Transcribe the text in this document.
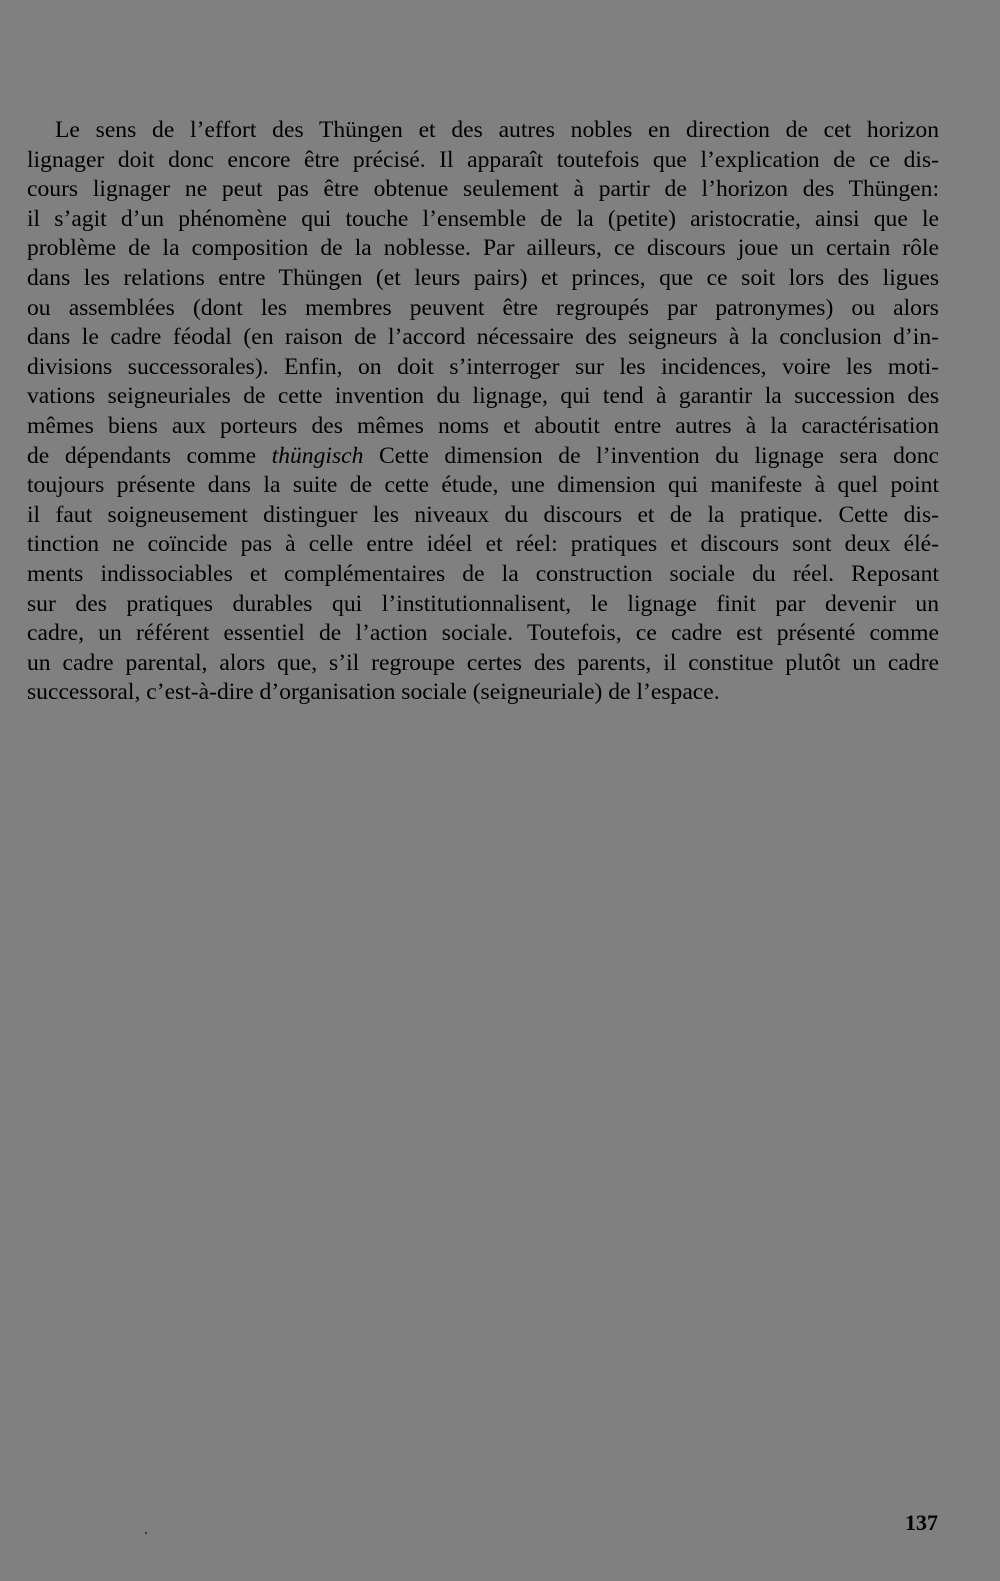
Le sens de l’effort des Thüngen et des autres nobles en direction de cet horizon
lignager doit donc encore être précisé. Il apparaît toutefois que l’explication de ce dis-
cours lignager ne peut pas être obtenue seulement à partir de l’horizon des Thüngen:
il s’agit d’un phénomène qui touche l’ensemble de la (petite) aristocratie, ainsi que le
problème de la composition de la noblesse. Par ailleurs, ce discours joue un certain rôle
dans les relations entre Thüngen (et leurs pairs) et princes, que ce soit lors des ligues
ou assemblées (dont les membres peuvent être regroupés par patronymes) ou alors
dans le cadre féodal (en raison de l’accord nécessaire des seigneurs à la conclusion d’in-
divisions successorales). Enfin, on doit s’interroger sur les incidences, voire les moti-
vations seigneuriales de cette invention du lignage, qui tend à garantir la succession des
mêmes biens aux porteurs des mêmes noms et aboutit entre autres à la caractérisation
de dépendants comme thüngisch Cette dimension de l’invention du lignage sera donc
toujours présente dans la suite de cette étude, une dimension qui manifeste à quel point
il faut soigneusement distinguer les niveaux du discours et de la pratique. Cette dis-
tinction ne coïncide pas à celle entre idéel et réel: pratiques et discours sont deux élé-
ments indissociables et complémentaires de la construction sociale du réel. Reposant
sur des pratiques durables qui l’institutionnalisent, le lignage finit par devenir un
cadre, un référent essentiel de l’action sociale. Toutefois, ce cadre est présenté comme
un cadre parental, alors que, s’il regroupe certes des parents, il constitue plutôt un cadre
successoral, c’est-à-dire d’organisation sociale (seigneuriale) de l’espace.
137
